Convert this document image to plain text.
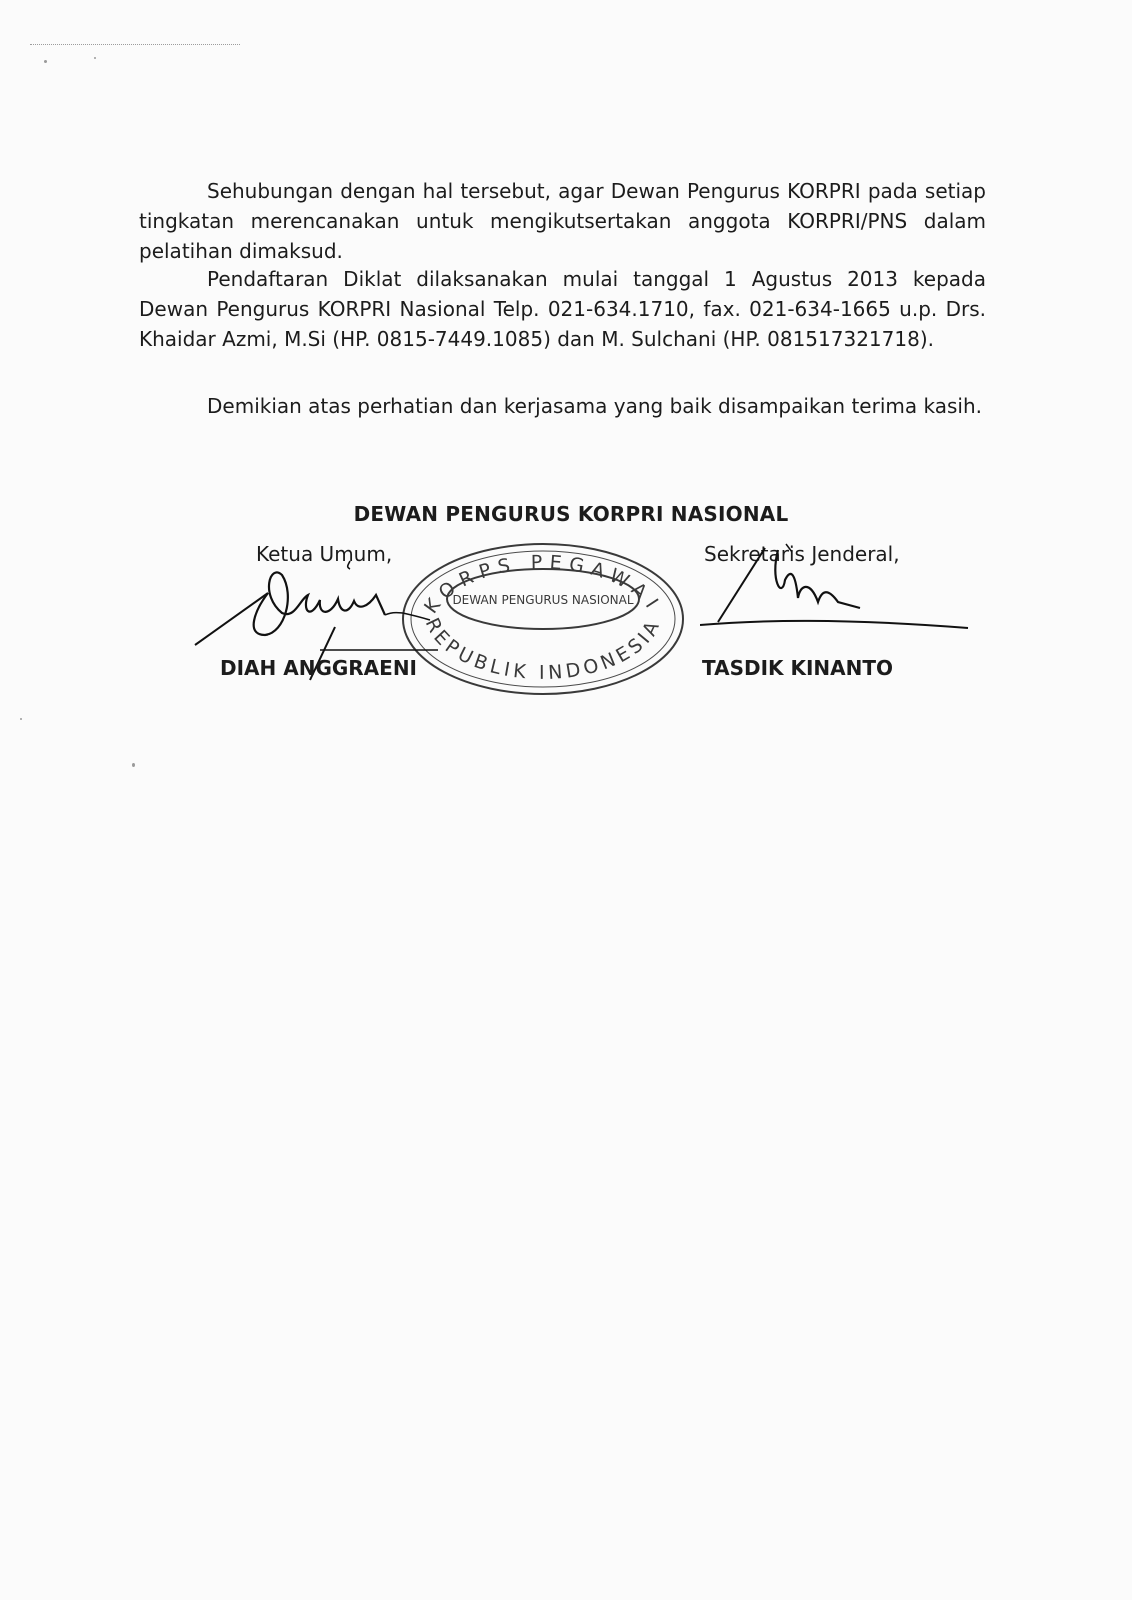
Sehubungan dengan hal tersebut, agar Dewan Pengurus KORPRI pada setiap tingkatan merencanakan untuk mengikutsertakan anggota KORPRI/PNS dalam pelatihan dimaksud.

Pendaftaran Diklat dilaksanakan mulai tanggal 1 Agustus 2013 kepada Dewan Pengurus KORPRI Nasional Telp. 021-634.1710, fax. 021-634-1665 u.p. Drs. Khaidar Azmi, M.Si (HP. 0815-7449.1085) dan M. Sulchani (HP. 081517321718).

Demikian atas perhatian dan kerjasama yang baik disampaikan terima kasih.

DEWAN PENGURUS KORPRI NASIONAL
Ketua Umum,	Sekretaris Jenderal,
KORPS PEGAWAI
DEWAN PENGURUS NASIONAL
REPUBLIK INDONESIA
DIAH ANGGRAENI	TASDIK KINANTO
